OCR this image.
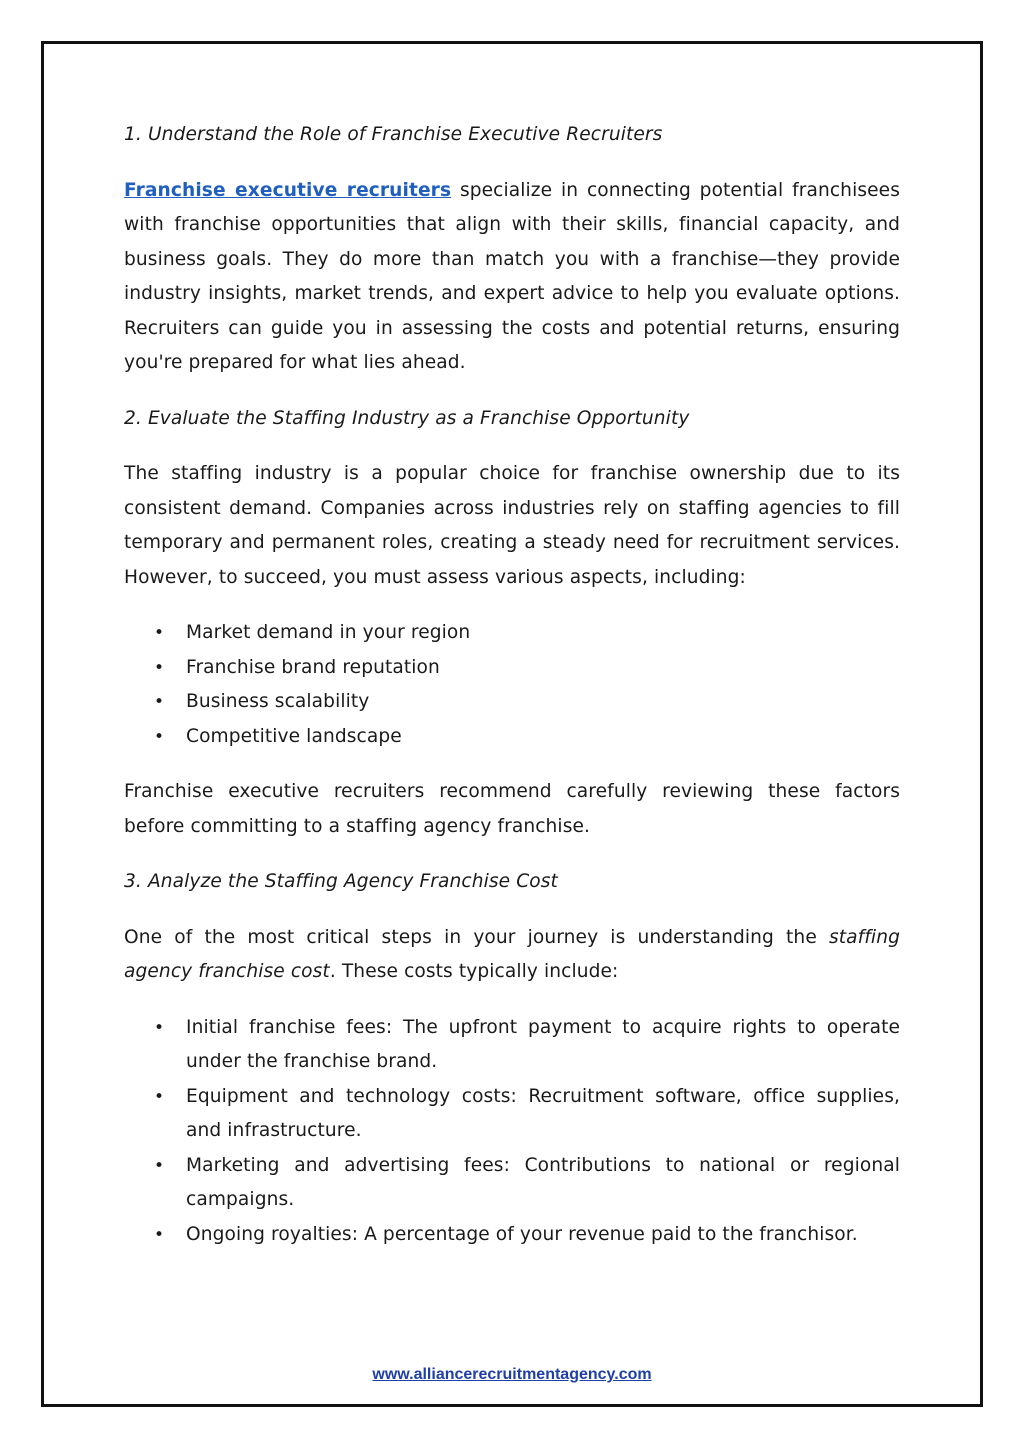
1. Understand the Role of Franchise Executive Recruiters

Franchise executive recruiters specialize in connecting potential franchisees with franchise opportunities that align with their skills, financial capacity, and business goals. They do more than match you with a franchise—they provide industry insights, market trends, and expert advice to help you evaluate options. Recruiters can guide you in assessing the costs and potential returns, ensuring you're prepared for what lies ahead.

2. Evaluate the Staffing Industry as a Franchise Opportunity

The staffing industry is a popular choice for franchise ownership due to its consistent demand. Companies across industries rely on staffing agencies to fill temporary and permanent roles, creating a steady need for recruitment services. However, to succeed, you must assess various aspects, including:

• Market demand in your region
• Franchise brand reputation
• Business scalability
• Competitive landscape

Franchise executive recruiters recommend carefully reviewing these factors before committing to a staffing agency franchise.

3. Analyze the Staffing Agency Franchise Cost

One of the most critical steps in your journey is understanding the staffing agency franchise cost. These costs typically include:

• Initial franchise fees: The upfront payment to acquire rights to operate under the franchise brand.
• Equipment and technology costs: Recruitment software, office supplies, and infrastructure.
• Marketing and advertising fees: Contributions to national or regional campaigns.
• Ongoing royalties: A percentage of your revenue paid to the franchisor.
www.alliancerecruitmentagency.com
